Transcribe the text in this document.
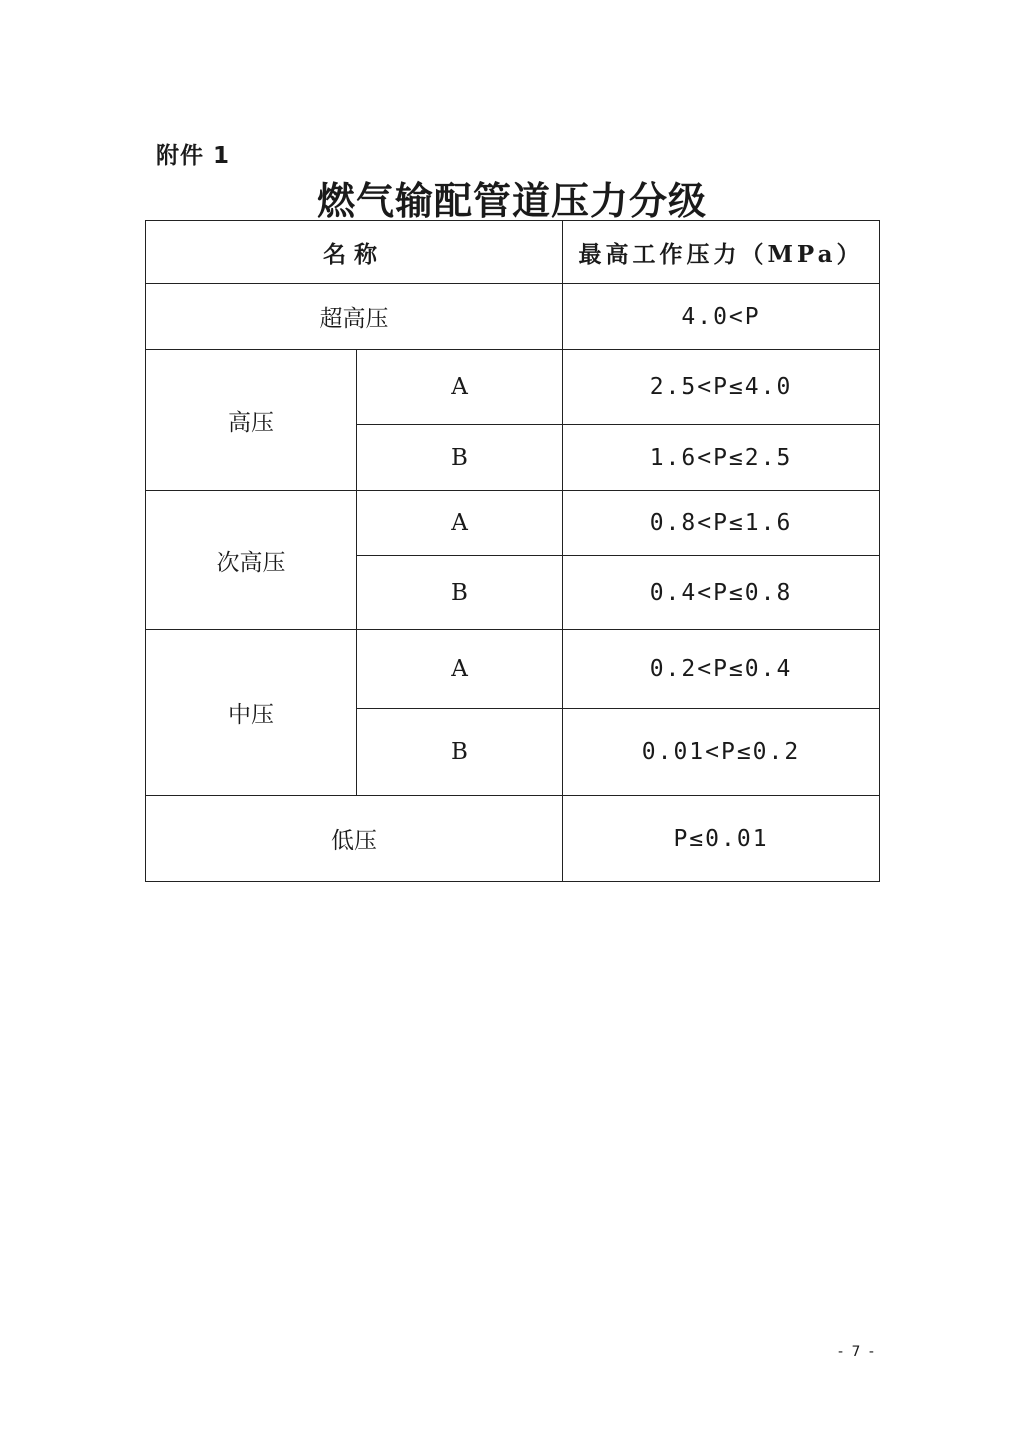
附件 1
燃气输配管道压力分级
名称		最高工作压力（MPa）
超高压		4.0<P
高压	A	2.5<P≤4.0
	B	1.6<P≤2.5
次高压	A	0.8<P≤1.6
	B	0.4<P≤0.8
中压	A	0.2<P≤0.4
	B	0.01<P≤0.2
低压		P≤0.01
- 7 -
